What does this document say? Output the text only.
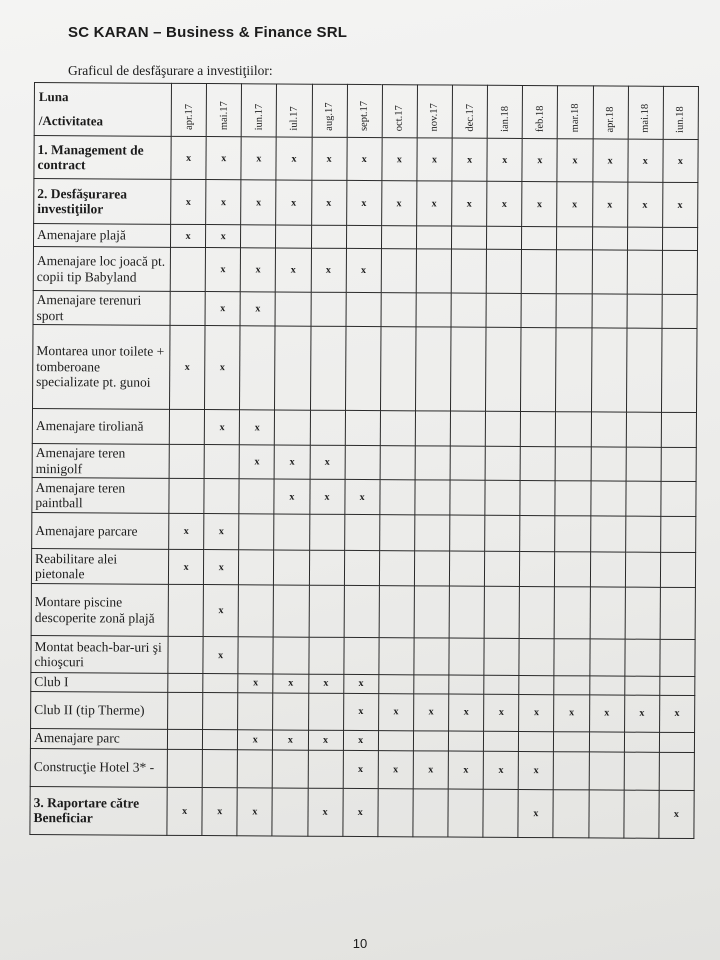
SC KARAN – Business & Finance SRL
Graficul de desfăşurare a investiţiilor:
Luna
/Activitatea	apr.17	mai.17	iun.17	iul.17	aug.17	sept.17	oct.17	nov.17	dec.17	ian.18	feb.18	mar.18	apr.18	mai.18	iun.18

1. Management de contract	x	x	x	x	x	x	x	x	x	x	x	x	x	x	x
2. Desfăşurarea investiţiilor	x	x	x	x	x	x	x	x	x	x	x	x	x	x	x
Amenajare plajă	x	x													
Amenajare loc joacă pt. copii tip Babyland		x	x	x	x	x									
Amenajare terenuri sport		x	x												
Montarea unor toilete + tomberoane specializate pt. gunoi	x	x													
Amenajare tiroliană		x	x												
Amenajare teren minigolf			x	x	x										
Amenajare teren paintball				x	x	x									
Amenajare parcare	x	x													
Reabilitare alei pietonale	x	x													
Montare piscine descoperite zonă plajă		x													
Montat beach-bar-uri şi chioşcuri		x													
Club I			x	x	x	x									
Club II (tip Therme)						x	x	x	x	x	x	x	x	x	x
Amenajare parc			x	x	x	x									
Construcţie Hotel 3* -						x	x	x	x	x	x				
3. Raportare către Beneficiar	x	x	x		x	x					x				x
10
